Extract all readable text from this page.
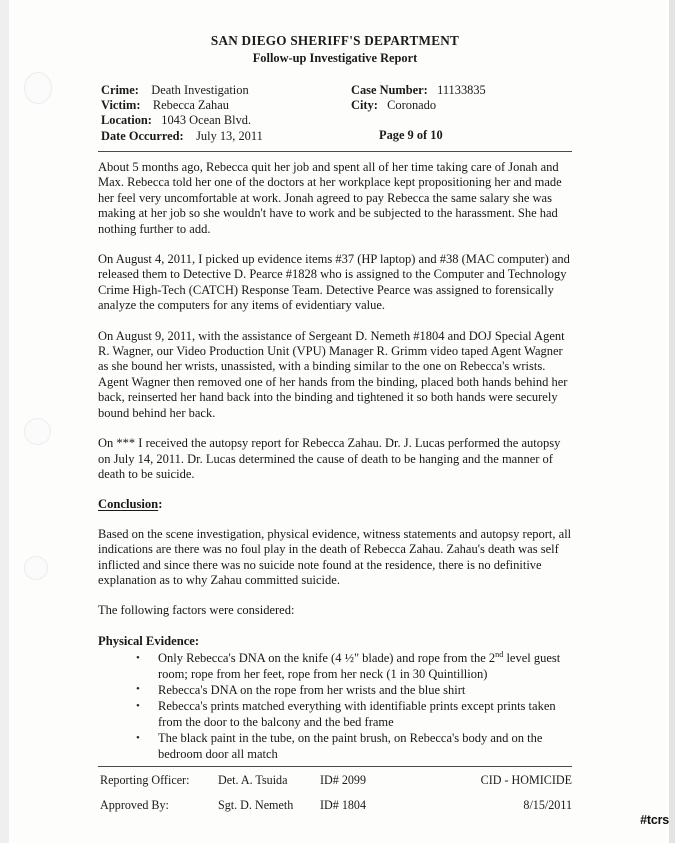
SAN DIEGO SHERIFF'S DEPARTMENT
Follow-up Investigative Report
Crime: Death Investigation
Victim: Rebecca Zahau
Location: 1043 Ocean Blvd.
Date Occurred: July 13, 2011
Case Number: 11133835
City: Coronado
Page 9 of 10

About 5 months ago, Rebecca quit her job and spent all of her time taking care of Jonah and Max. Rebecca told her one of the doctors at her workplace kept propositioning her and made her feel very uncomfortable at work. Jonah agreed to pay Rebecca the same salary she was making at her job so she wouldn't have to work and be subjected to the harassment. She had nothing further to add.

On August 4, 2011, I picked up evidence items #37 (HP laptop) and #38 (MAC computer) and released them to Detective D. Pearce #1828 who is assigned to the Computer and Technology Crime High-Tech (CATCH) Response Team. Detective Pearce was assigned to forensically analyze the computers for any items of evidentiary value.

On August 9, 2011, with the assistance of Sergeant D. Nemeth #1804 and DOJ Special Agent R. Wagner, our Video Production Unit (VPU) Manager R. Grimm video taped Agent Wagner as she bound her wrists, unassisted, with a binding similar to the one on Rebecca's wrists. Agent Wagner then removed one of her hands from the binding, placed both hands behind her back, reinserted her hand back into the binding and tightened it so both hands were securely bound behind her back.

On *** I received the autopsy report for Rebecca Zahau. Dr. J. Lucas performed the autopsy on July 14, 2011. Dr. Lucas determined the cause of death to be hanging and the manner of death to be suicide.

Conclusion:

Based on the scene investigation, physical evidence, witness statements and autopsy report, all indications are there was no foul play in the death of Rebecca Zahau. Zahau's death was self inflicted and since there was no suicide note found at the residence, there is no definitive explanation as to why Zahau committed suicide.

The following factors were considered:

Physical Evidence:
• Only Rebecca's DNA on the knife (4 ½" blade) and rope from the 2nd level guest room; rope from her feet, rope from her neck (1 in 30 Quintillion)
• Rebecca's DNA on the rope from her wrists and the blue shirt
• Rebecca's prints matched everything with identifiable prints except prints taken from the door to the balcony and the bed frame
• The black paint in the tube, on the paint brush, on Rebecca's body and on the bedroom door all match
Reporting Officer: Det. A. Tsuida	ID# 2099	CID - HOMICIDE
Approved By:	Sgt. D. Nemeth ID# 1804	8/15/2011
#tcrs
